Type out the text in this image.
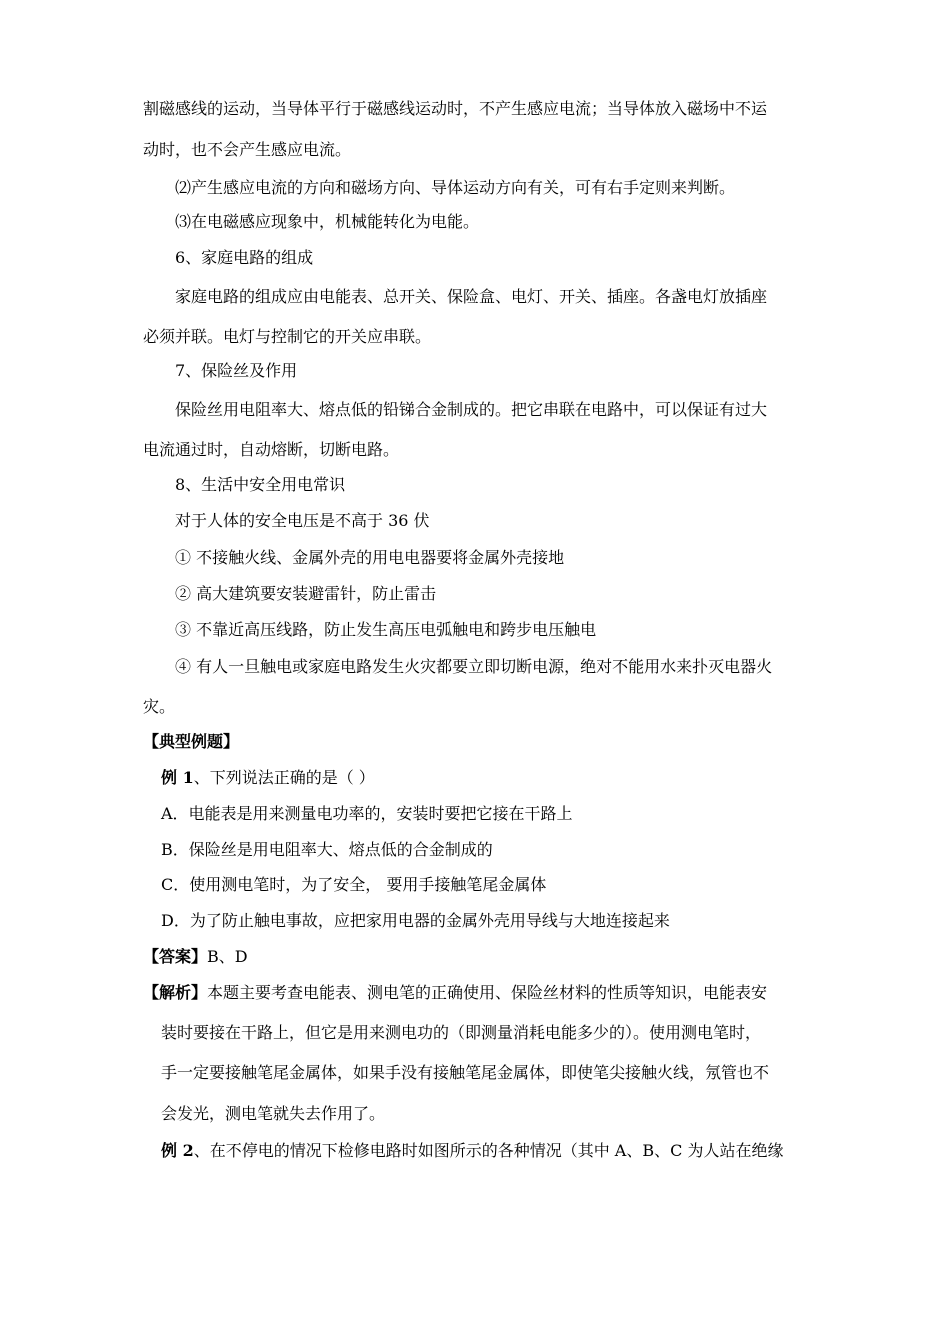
割磁感线的运动，当导体平行于磁感线运动时，不产生感应电流；当导体放入磁场中不运
动时，也不会产生感应电流。
⑵产生感应电流的方向和磁场方向、导体运动方向有关，可有右手定则来判断。
⑶在电磁感应现象中，机械能转化为电能。
6、家庭电路的组成
家庭电路的组成应由电能表、总开关、保险盒、电灯、开关、插座。各盏电灯放插座
必须并联。电灯与控制它的开关应串联。
7、保险丝及作用
保险丝用电阻率大、熔点低的铅锑合金制成的。把它串联在电路中，可以保证有过大
电流通过时，自动熔断，切断电路。
8、生活中安全用电常识
对于人体的安全电压是不高于 36 伏
① 不接触火线、金属外壳的用电电器要将金属外壳接地
② 高大建筑要安装避雷针，防止雷击
③ 不靠近高压线路，防止发生高压电弧触电和跨步电压触电
④ 有人一旦触电或家庭电路发生火灾都要立即切断电源，绝对不能用水来扑灭电器火
灾。
【典型例题】
例 1、下列说法正确的是（ ）
A．电能表是用来测量电功率的，安装时要把它接在干路上
B．保险丝是用电阻率大、熔点低的合金制成的
C．使用测电笔时，为了安全， 要用手接触笔尾金属体
D．为了防止触电事故，应把家用电器的金属外壳用导线与大地连接起来
【答案】B、D
【解析】本题主要考查电能表、测电笔的正确使用、保险丝材料的性质等知识，电能表安
装时要接在干路上，但它是用来测电功的（即测量消耗电能多少的）。使用测电笔时，
手一定要接触笔尾金属体，如果手没有接触笔尾金属体，即使笔尖接触火线，氖管也不
会发光，测电笔就失去作用了。
例 2、在不停电的情况下检修电路时如图所示的各种情况（其中 A、B、C 为人站在绝缘
